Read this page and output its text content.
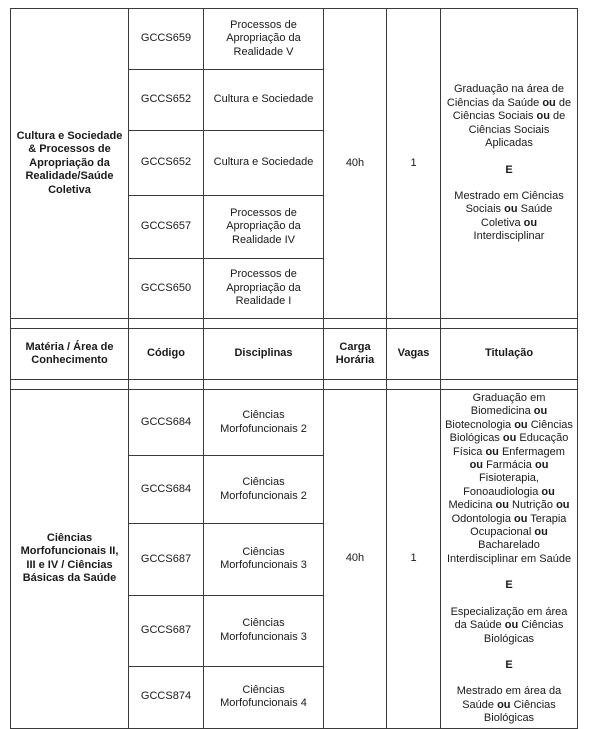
Cultura e Sociedade & Processos de Apropriação da Realidade/Saúde Coletiva	GCCS659	Processos de Apropriação da Realidade V	40h	1	Graduação na área de Ciências da Saúde ou de Ciências Sociais ou de Ciências Sociais Aplicadas
E
Mestrado em Ciências Sociais ou Saúde Coletiva ou Interdisciplinar

	GCCS652	Cultura e Sociedade			
	GCCS652	Cultura e Sociedade			
	GCCS657	Processos de Apropriação da Realidade IV			
	GCCS650	Processos de Apropriação da Realidade I			

Matéria / Área de Conhecimento	Código	Disciplinas	Carga Horária	Vagas	Titulação

Ciências Morfofuncionais II, III e IV / Ciências Básicas da Saúde	GCCS684	Ciências Morfofuncionais 2	40h	1	Graduação em Biomedicina ou Biotecnologia ou Ciências Biológicas ou Educação Física ou Enfermagem ou Farmácia ou Fisioterapia, Fonoaudiologia ou Medicina ou Nutrição ou Odontologia ou Terapia Ocupacional ou Bacharelado Interdisciplinar em Saúde
E
Especialização em área da Saúde ou Ciências Biológicas
E
Mestrado em área da Saúde ou Ciências Biológicas

	GCCS684	Ciências Morfofuncionais 2			
	GCCS687	Ciências Morfofuncionais 3			
	GCCS687	Ciências Morfofuncionais 3			
	GCCS874	Ciências Morfofuncionais 4			
